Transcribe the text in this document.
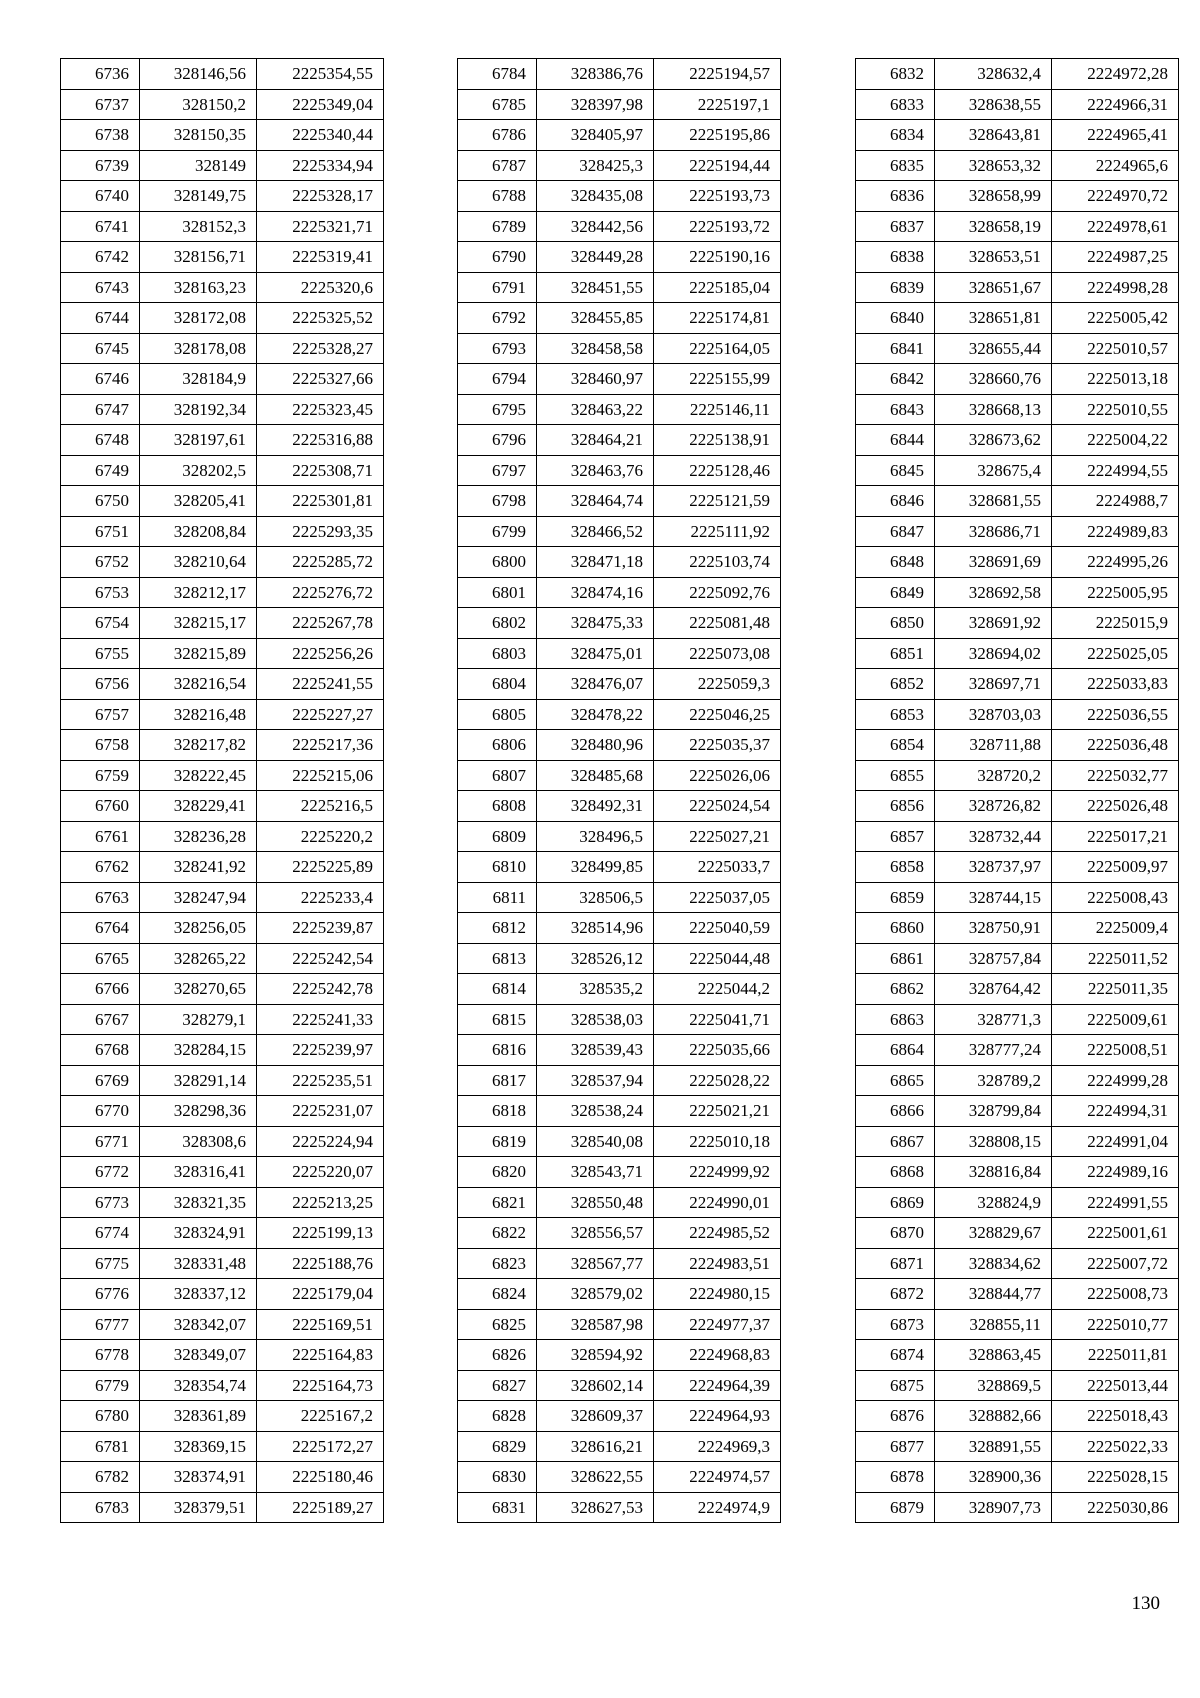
6736	328146,56	2225354,55
6737	328150,2	2225349,04
6738	328150,35	2225340,44
6739	328149	2225334,94
6740	328149,75	2225328,17
6741	328152,3	2225321,71
6742	328156,71	2225319,41
6743	328163,23	2225320,6
6744	328172,08	2225325,52
6745	328178,08	2225328,27
6746	328184,9	2225327,66
6747	328192,34	2225323,45
6748	328197,61	2225316,88
6749	328202,5	2225308,71
6750	328205,41	2225301,81
6751	328208,84	2225293,35
6752	328210,64	2225285,72
6753	328212,17	2225276,72
6754	328215,17	2225267,78
6755	328215,89	2225256,26
6756	328216,54	2225241,55
6757	328216,48	2225227,27
6758	328217,82	2225217,36
6759	328222,45	2225215,06
6760	328229,41	2225216,5
6761	328236,28	2225220,2
6762	328241,92	2225225,89
6763	328247,94	2225233,4
6764	328256,05	2225239,87
6765	328265,22	2225242,54
6766	328270,65	2225242,78
6767	328279,1	2225241,33
6768	328284,15	2225239,97
6769	328291,14	2225235,51
6770	328298,36	2225231,07
6771	328308,6	2225224,94
6772	328316,41	2225220,07
6773	328321,35	2225213,25
6774	328324,91	2225199,13
6775	328331,48	2225188,76
6776	328337,12	2225179,04
6777	328342,07	2225169,51
6778	328349,07	2225164,83
6779	328354,74	2225164,73
6780	328361,89	2225167,2
6781	328369,15	2225172,27
6782	328374,91	2225180,46
6783	328379,51	2225189,27
6784	328386,76	2225194,57
6785	328397,98	2225197,1
6786	328405,97	2225195,86
6787	328425,3	2225194,44
6788	328435,08	2225193,73
6789	328442,56	2225193,72
6790	328449,28	2225190,16
6791	328451,55	2225185,04
6792	328455,85	2225174,81
6793	328458,58	2225164,05
6794	328460,97	2225155,99
6795	328463,22	2225146,11
6796	328464,21	2225138,91
6797	328463,76	2225128,46
6798	328464,74	2225121,59
6799	328466,52	2225111,92
6800	328471,18	2225103,74
6801	328474,16	2225092,76
6802	328475,33	2225081,48
6803	328475,01	2225073,08
6804	328476,07	2225059,3
6805	328478,22	2225046,25
6806	328480,96	2225035,37
6807	328485,68	2225026,06
6808	328492,31	2225024,54
6809	328496,5	2225027,21
6810	328499,85	2225033,7
6811	328506,5	2225037,05
6812	328514,96	2225040,59
6813	328526,12	2225044,48
6814	328535,2	2225044,2
6815	328538,03	2225041,71
6816	328539,43	2225035,66
6817	328537,94	2225028,22
6818	328538,24	2225021,21
6819	328540,08	2225010,18
6820	328543,71	2224999,92
6821	328550,48	2224990,01
6822	328556,57	2224985,52
6823	328567,77	2224983,51
6824	328579,02	2224980,15
6825	328587,98	2224977,37
6826	328594,92	2224968,83
6827	328602,14	2224964,39
6828	328609,37	2224964,93
6829	328616,21	2224969,3
6830	328622,55	2224974,57
6831	328627,53	2224974,9
6832	328632,4	2224972,28
6833	328638,55	2224966,31
6834	328643,81	2224965,41
6835	328653,32	2224965,6
6836	328658,99	2224970,72
6837	328658,19	2224978,61
6838	328653,51	2224987,25
6839	328651,67	2224998,28
6840	328651,81	2225005,42
6841	328655,44	2225010,57
6842	328660,76	2225013,18
6843	328668,13	2225010,55
6844	328673,62	2225004,22
6845	328675,4	2224994,55
6846	328681,55	2224988,7
6847	328686,71	2224989,83
6848	328691,69	2224995,26
6849	328692,58	2225005,95
6850	328691,92	2225015,9
6851	328694,02	2225025,05
6852	328697,71	2225033,83
6853	328703,03	2225036,55
6854	328711,88	2225036,48
6855	328720,2	2225032,77
6856	328726,82	2225026,48
6857	328732,44	2225017,21
6858	328737,97	2225009,97
6859	328744,15	2225008,43
6860	328750,91	2225009,4
6861	328757,84	2225011,52
6862	328764,42	2225011,35
6863	328771,3	2225009,61
6864	328777,24	2225008,51
6865	328789,2	2224999,28
6866	328799,84	2224994,31
6867	328808,15	2224991,04
6868	328816,84	2224989,16
6869	328824,9	2224991,55
6870	328829,67	2225001,61
6871	328834,62	2225007,72
6872	328844,77	2225008,73
6873	328855,11	2225010,77
6874	328863,45	2225011,81
6875	328869,5	2225013,44
6876	328882,66	2225018,43
6877	328891,55	2225022,33
6878	328900,36	2225028,15
6879	328907,73	2225030,86
130
